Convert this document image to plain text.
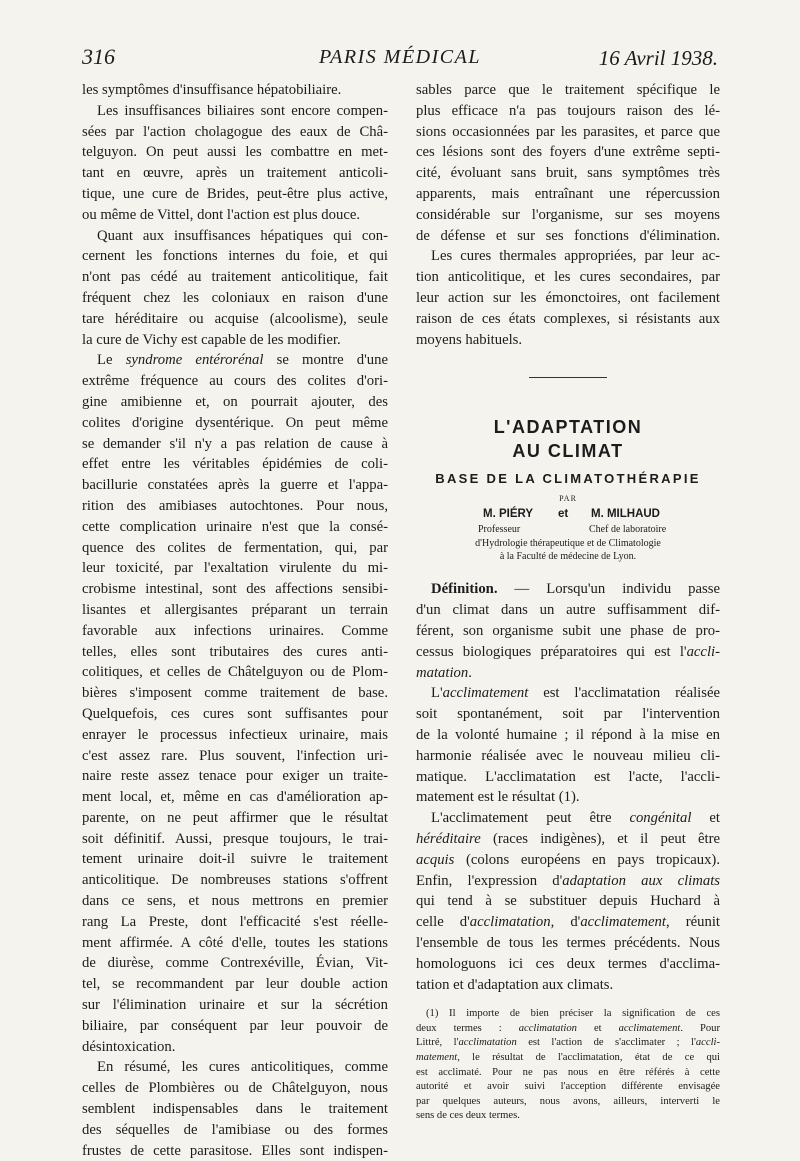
316	PARIS MÉDICAL	16 Avril 1938.

les symptômes d'insuffisance hépatobiliaire.

Les insuffisances biliaires sont encore compen-

sées par l'action cholagogue des eaux de Châ-

telguyon. On peut aussi les combattre en met-

tant en œuvre, après un traitement anticoli-

tique, une cure de Brides, peut-être plus active,

ou même de Vittel, dont l'action est plus douce.

Quant aux insuffisances hépatiques qui con-

cernent les fonctions internes du foie, et qui

n'ont pas cédé au traitement anticolitique, fait

fréquent chez les coloniaux en raison d'une

tare héréditaire ou acquise (alcoolisme), seule

la cure de Vichy est capable de les modifier.

Le syndrome entérorénal se montre d'une

extrême fréquence au cours des colites d'ori-

gine amibienne et, on pourrait ajouter, des

colites d'origine dysentérique. On peut même

se demander s'il n'y a pas relation de cause à

effet entre les véritables épidémies de coli-

bacillurie constatées après la guerre et l'appa-

rition des amibiases autochtones. Pour nous,

cette complication urinaire n'est que la consé-

quence des colites de fermentation, qui, par

leur toxicité, par l'exaltation virulente du mi-

crobisme intestinal, sont des affections sensibi-

lisantes et allergisantes préparant un terrain

favorable aux infections urinaires. Comme

telles, elles sont tributaires des cures anti-

colitiques, et celles de Châtelguyon ou de Plom-

bières s'imposent comme traitement de base.

Quelquefois, ces cures sont suffisantes pour

enrayer le processus infectieux urinaire, mais

c'est assez rare. Plus souvent, l'infection uri-

naire reste assez tenace pour exiger un traite-

ment local, et, même en cas d'amélioration ap-

parente, on ne peut affirmer que le résultat

soit définitif. Aussi, presque toujours, le trai-

tement urinaire doit-il suivre le traitement

anticolitique. De nombreuses stations s'offrent

dans ce sens, et nous mettrons en premier

rang La Preste, dont l'efficacité s'est réelle-

ment affirmée. A côté d'elle, toutes les stations

de diurèse, comme Contrexéville, Évian, Vit-

tel, se recommandent par leur double action

sur l'élimination urinaire et sur la sécrétion

biliaire, par conséquent par leur pouvoir de

désintoxication.

En résumé, les cures anticolitiques, comme

celles de Plombières ou de Châtelguyon, nous

semblent indispensables dans le traitement

des séquelles de l'amibiase ou des formes

frustes de cette parasitose. Elles sont indispen-

sables parce que le traitement spécifique le

plus efficace n'a pas toujours raison des lé-

sions occasionnées par les parasites, et parce que

ces lésions sont des foyers d'une extrême septi-

cité, évoluant sans bruit, sans symptômes très

apparents, mais entraînant une répercussion

considérable sur l'organisme, sur ses moyens

de défense et sur ses fonctions d'élimination.

Les cures thermales appropriées, par leur ac-

tion anticolitique, et les cures secondaires, par

leur action sur les émonctoires, ont facilement

raison de ces états complexes, si résistants aux

moyens habituels.

L'ADAPTATION
AU CLIMAT
BASE DE LA CLIMATOTHÉRAPIE
PAR
M. PIÉRY et M. MILHAUD
Professeur	Chef de laboratoire
d'Hydrologie thérapeutique et de Climatologie
à la Faculté de médecine de Lyon.

Définition. — Lorsqu'un individu passe

d'un climat dans un autre suffisamment dif-

férent, son organisme subit une phase de pro-

cessus biologiques préparatoires qui est l'accli-

matation.

L'acclimatement est l'acclimatation réalisée

soit spontanément, soit par l'intervention

de la volonté humaine ; il répond à la mise en

harmonie réalisée avec le nouveau milieu cli-

matique. L'acclimatation est l'acte, l'accli-

matement est le résultat (1).

L'acclimatement peut être congénital et

héréditaire (races indigènes), et il peut être

acquis (colons européens en pays tropicaux).

Enfin, l'expression d'adaptation aux climats

qui tend à se substituer depuis Huchard à

celle d'acclimatation, d'acclimatement, réunit

l'ensemble de tous les termes précédents. Nous

homologuons ici ces deux termes d'acclima-

tation et d'adaptation aux climats.

(1) Il importe de bien préciser la signification de ces

deux termes : acclimatation et acclimatement. Pour

Littré, l'acclimatation est l'action de s'acclimater ; l'accli-

matement, le résultat de l'acclimatation, état de ce qui

est acclimaté. Pour ne pas nous en être référés à cette

autorité et avoir suivi l'acception différente envisagée

par quelques auteurs, nous avons, ailleurs, interverti le

sens de ces deux termes.
